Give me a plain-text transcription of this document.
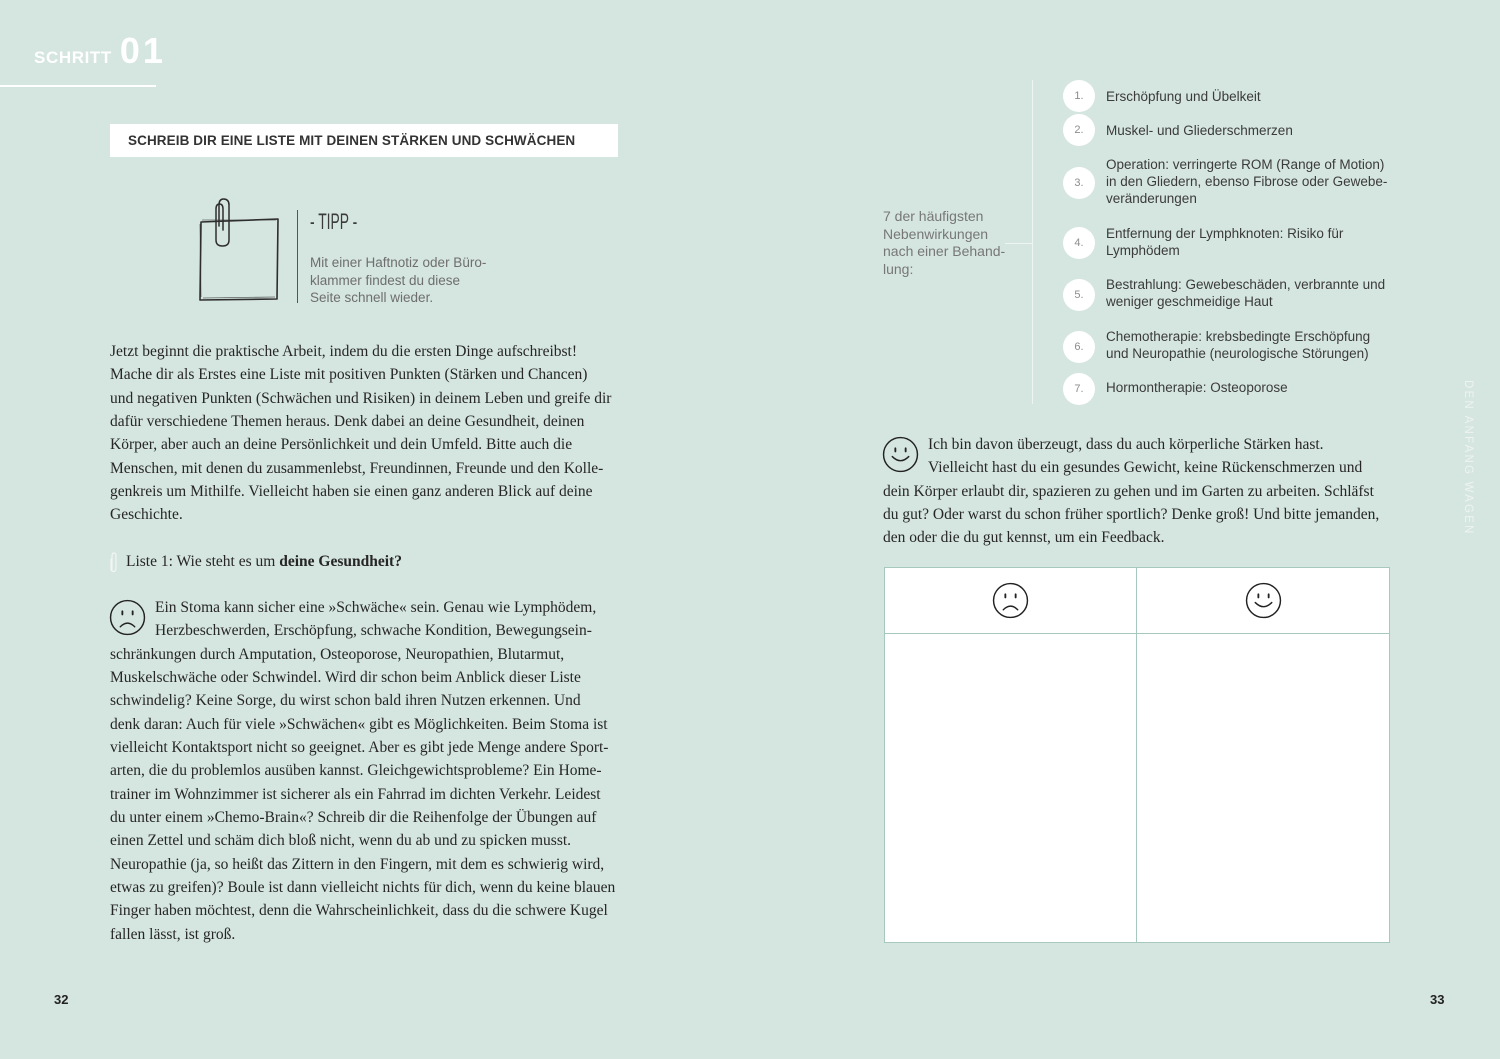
SCHRITT 01
SCHREIB DIR EINE LISTE MIT DEINEN STÄRKEN UND SCHWÄCHEN
- TIPP -
Mit einer Haftnotiz oder Büro-
klammer findest du diese
Seite schnell wieder.
Jetzt beginnt die praktische Arbeit, indem du die ersten Dinge aufschreibst!
Mache dir als Erstes eine Liste mit positiven Punkten (Stärken und Chancen)
und negativen Punkten (Schwächen und Risiken) in deinem Leben und greife dir
dafür verschiedene Themen heraus. Denk dabei an deine Gesundheit, deinen
Körper, aber auch an deine Persönlichkeit und dein Umfeld. Bitte auch die
Menschen, mit denen du zusammenlebst, Freundinnen, Freunde und den Kolle-
genkreis um Mithilfe. Vielleicht haben sie einen ganz anderen Blick auf deine
Geschichte.
Liste 1: Wie steht es um deine Gesundheit?
Ein Stoma kann sicher eine »Schwäche« sein. Genau wie Lymphödem,
Herzbeschwerden, Erschöpfung, schwache Kondition, Bewegungsein-
schränkungen durch Amputation, Osteoporose, Neuropathien, Blutarmut,
Muskelschwäche oder Schwindel. Wird dir schon beim Anblick dieser Liste
schwindelig? Keine Sorge, du wirst schon bald ihren Nutzen erkennen. Und
denk daran: Auch für viele »Schwächen« gibt es Möglichkeiten. Beim Stoma ist
vielleicht Kontaktsport nicht so geeignet. Aber es gibt jede Menge andere Sport-
arten, die du problemlos ausüben kannst. Gleichgewichtsprobleme? Ein Home-
trainer im Wohnzimmer ist sicherer als ein Fahrrad im dichten Verkehr. Leidest
du unter einem »Chemo-Brain«? Schreib dir die Reihenfolge der Übungen auf
einen Zettel und schäm dich bloß nicht, wenn du ab und zu spicken musst.
Neuropathie (ja, so heißt das Zittern in den Fingern, mit dem es schwierig wird,
etwas zu greifen)? Boule ist dann vielleicht nichts für dich, wenn du keine blauen
Finger haben möchtest, denn die Wahrscheinlichkeit, dass du die schwere Kugel
fallen lässt, ist groß.
32
7 der häufigsten
Nebenwirkungen
nach einer Behand-
lung:
1.	Erschöpfung und Übelkeit
2.	Muskel- und Gliederschmerzen
3.
Operation: verringerte ROM (Range of Motion)
in den Gliedern, ebenso Fibrose oder Gewebe-
veränderungen
4.
Entfernung der Lymphknoten: Risiko für
Lymphödem
5.
Bestrahlung: Gewebeschäden, verbrannte und
weniger geschmeidige Haut
6.
Chemotherapie: krebsbedingte Erschöpfung
und Neuropathie (neurologische Störungen)
7.	Hormontherapie: Osteoporose	DEN ANFANG WAGEN
Ich bin davon überzeugt, dass du auch körperliche Stärken hast.
Vielleicht hast du ein gesundes Gewicht, keine Rückenschmerzen und
dein Körper erlaubt dir, spazieren zu gehen und im Garten zu arbeiten. Schläfst
du gut? Oder warst du schon früher sportlich? Denke groß! Und bitte jemanden,
den oder die du gut kennst, um ein Feedback.
33
